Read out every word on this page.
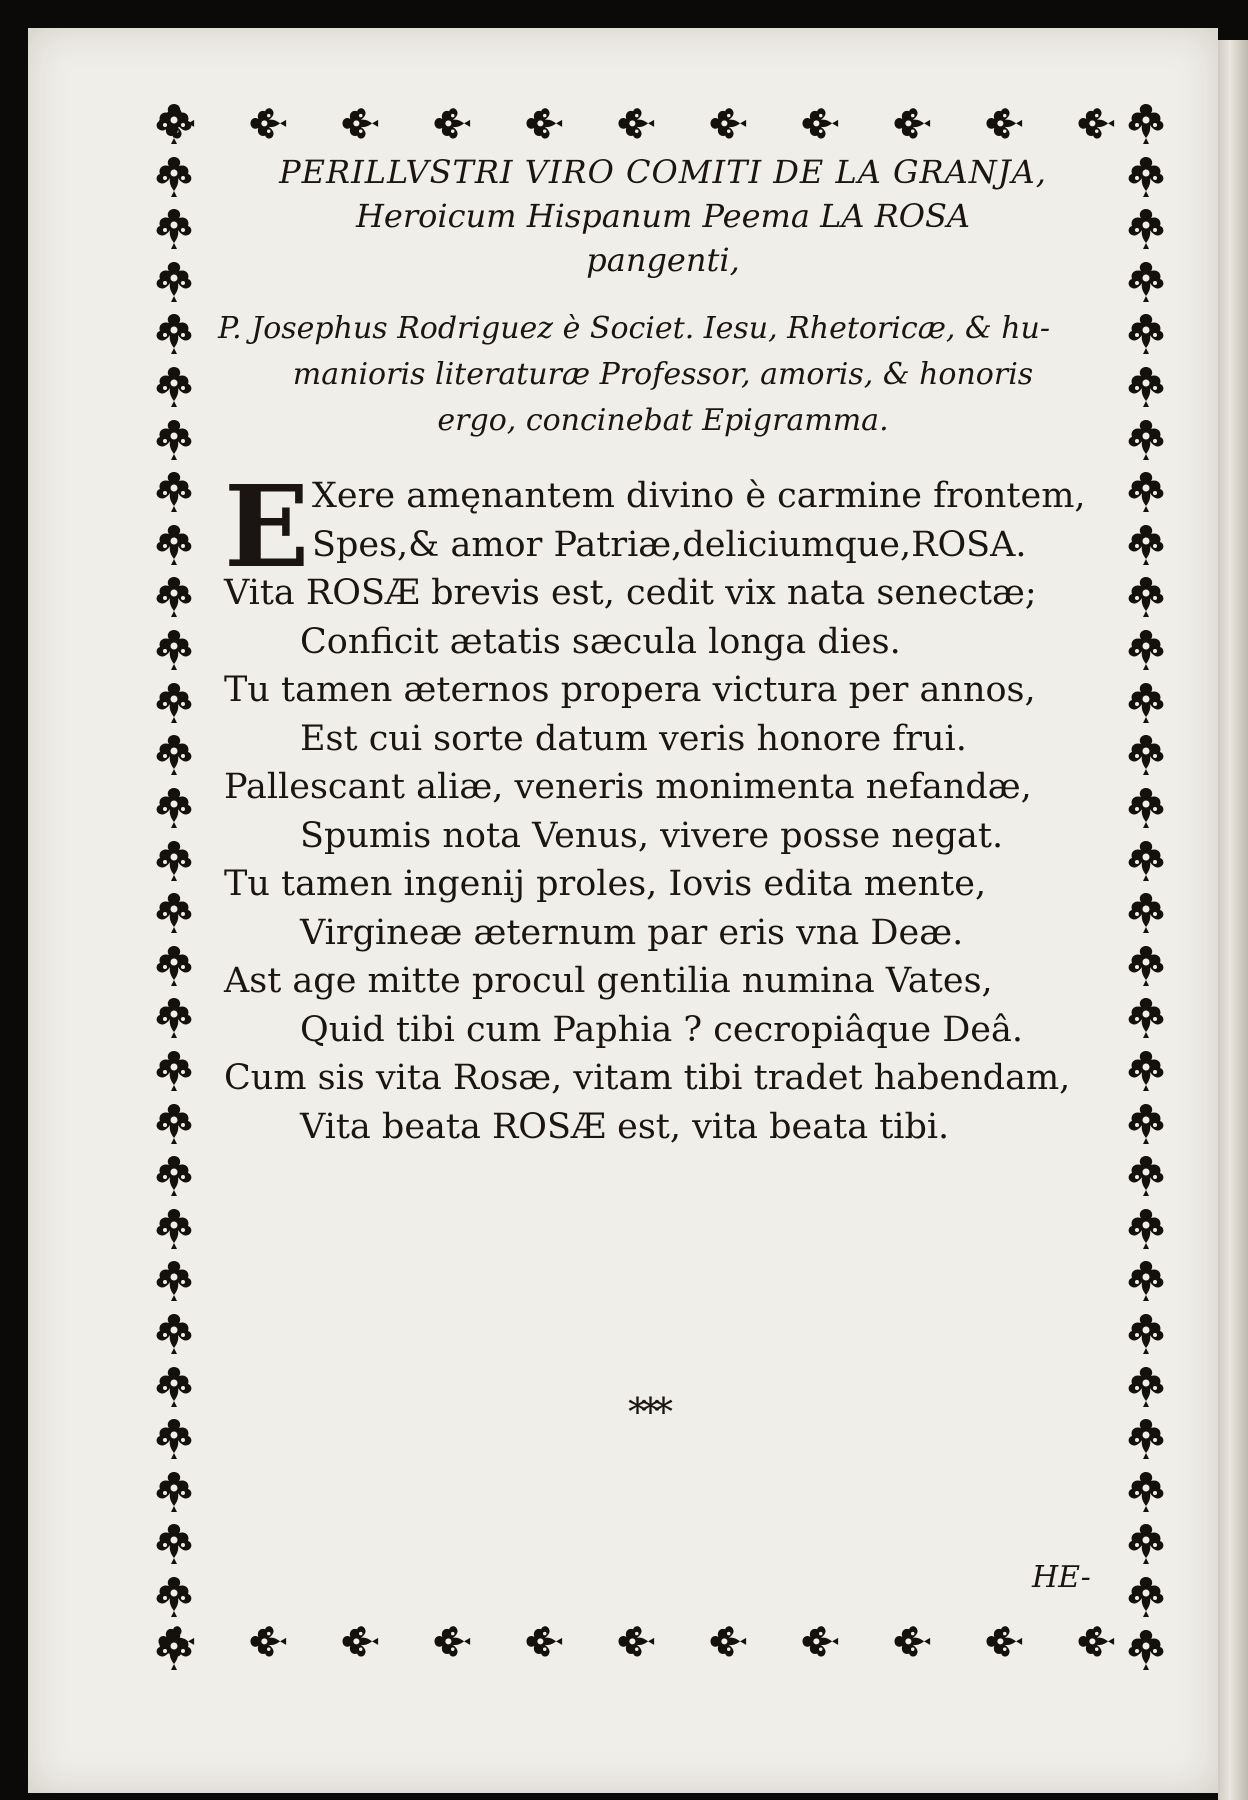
PERILLVSTRI VIRO COMITI DE LA GRANJA,
Heroicum Hispanum Peema LA ROSA
pangenti,
P. Josephus Rodriguez è Societ. Iesu, Rhetoricæ, & hu-
manioris literaturæ Professor, amoris, & honoris
ergo, concinebat Epigramma.
E Xere amęnantem divino è carmine frontem,
Spes,& amor Patriæ,deliciumque,ROSA.
Vita ROSÆ brevis est, cedit vix nata senectæ;
Conficit ætatis sæcula longa dies.
Tu tamen æternos propera victura per annos,
Est cui sorte datum veris honore frui.
Pallescant aliæ, veneris monimenta nefandæ,
Spumis nota Venus, vivere posse negat.
Tu tamen ingenij proles, Iovis edita mente,
Virgineæ æternum par eris vna Deæ.
Ast age mitte procul gentilia numina Vates,
Quid tibi cum Paphia ? cecropiâque Deâ.
Cum sis vita Rosæ, vitam tibi tradet habendam,
Vita beata ROSÆ est, vita beata tibi.
***
HE-
